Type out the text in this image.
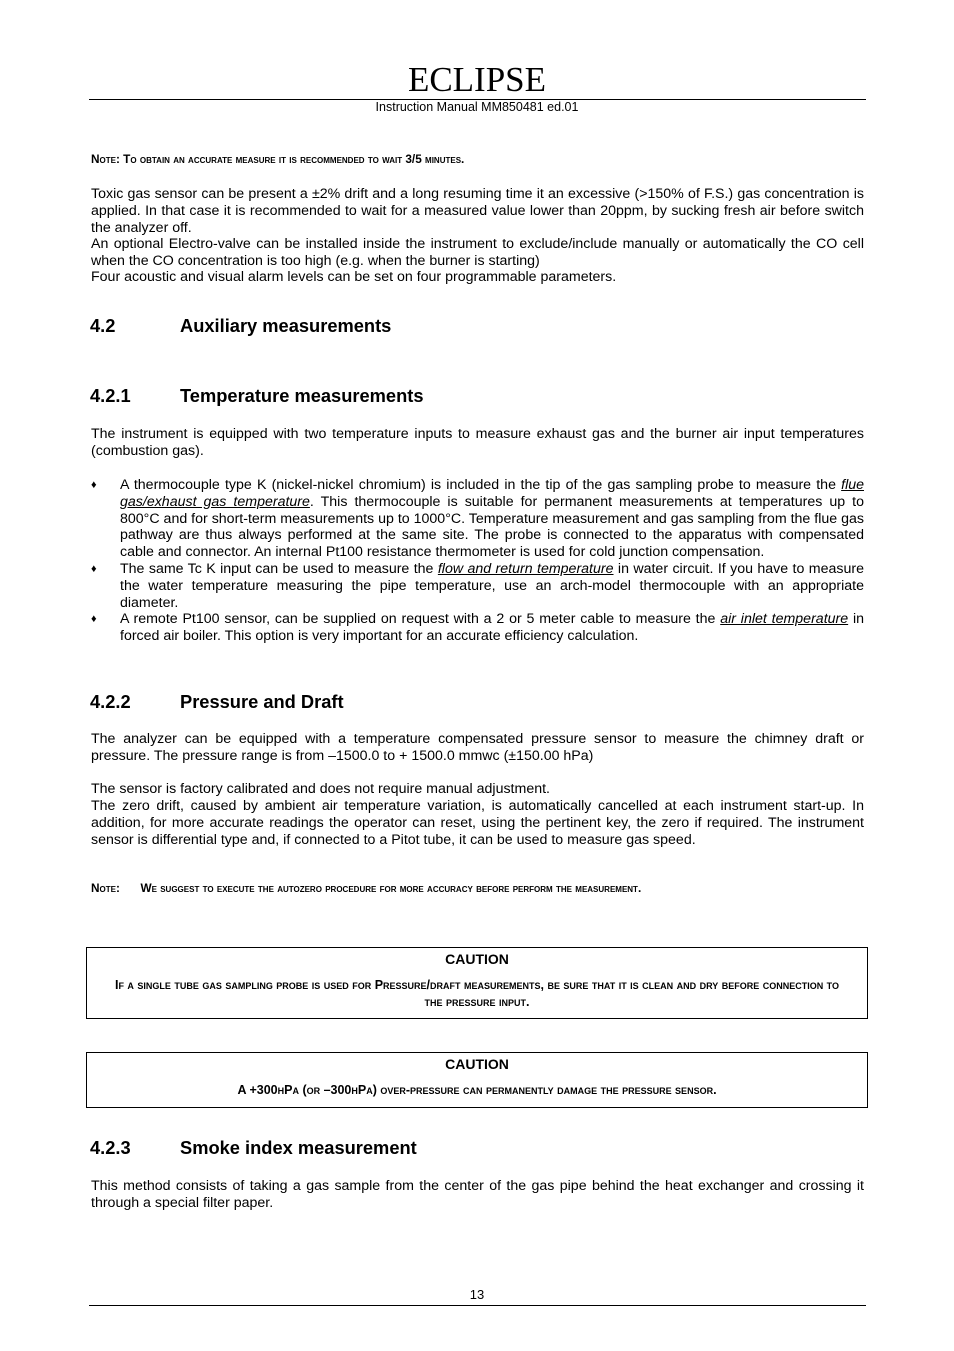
ECLIPSE
Instruction Manual MM850481 ed.01
Note: To obtain an accurate measure it is recommended to wait 3/5 minutes.
Toxic gas sensor can be present a ±2% drift and a long resuming time it an excessive (>150% of F.S.) gas concentration is applied. In that case it is recommended to wait for a measured value lower than 20ppm, by sucking fresh air before switch the analyzer off.
An optional Electro-valve can be installed inside the instrument to exclude/include manually or automatically the CO cell when the CO concentration is too high (e.g. when the burner is starting)
Four acoustic and visual alarm levels can be set on four programmable parameters.
4.2	Auxiliary measurements
4.2.1	Temperature measurements
The instrument is equipped with two temperature inputs to measure exhaust gas and the burner air input temperatures (combustion gas).
♦ A thermocouple type K (nickel-nickel chromium) is included in the tip of the gas sampling probe to measure the flue gas/exhaust gas temperature. This thermocouple is suitable for permanent measurements at temperatures up to 800°C and for short-term measurements up to 1000°C. Temperature measurement and gas sampling from the flue gas pathway are thus always performed at the same site. The probe is connected to the apparatus with compensated cable and connector. An internal Pt100 resistance thermometer is used for cold junction compensation.
♦ The same Tc K input can be used to measure the flow and return temperature in water circuit. If you have to measure the water temperature measuring the pipe temperature, use an arch-model thermocouple with an appropriate diameter.
♦ A remote Pt100 sensor, can be supplied on request with a 2 or 5 meter cable to measure the air inlet temperature in forced air boiler. This option is very important for an accurate efficiency calculation.
4.2.2	Pressure and Draft
The analyzer can be equipped with a temperature compensated pressure sensor to measure the chimney draft or pressure. The pressure range is from –1500.0 to + 1500.0 mmwc (±150.00 hPa)
The sensor is factory calibrated and does not require manual adjustment.
The zero drift, caused by ambient air temperature variation, is automatically cancelled at each instrument start-up. In addition, for more accurate readings the operator can reset, using the pertinent key, the zero if required. The instrument sensor is differential type and, if connected to a Pitot tube, it can be used to measure gas speed.
Note: We suggest to execute the autozero procedure for more accuracy before perform the measurement.
CAUTION
If a single tube gas sampling probe is used for Pressure/draft measurements, be sure that it is clean and dry before connection to the pressure input.
CAUTION
A +300hPa (or –300hPa) over-pressure can permanently damage the pressure sensor.
4.2.3	Smoke index measurement
This method consists of taking a gas sample from the center of the gas pipe behind the heat exchanger and crossing it through a special filter paper.
13
